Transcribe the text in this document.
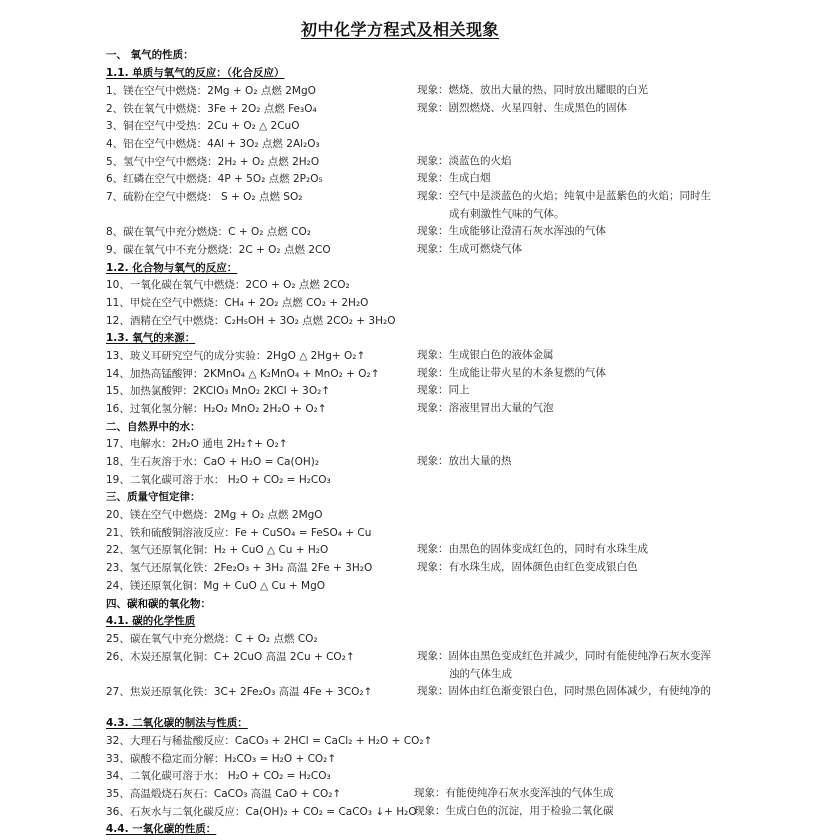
初中化学方程式及相关现象
一、 氧气的性质：
1.1. 单质与氧气的反应：（化合反应）
1、镁在空气中燃烧：2Mg + O₂ 点燃 2MgO	现象：燃烧、放出大量的热、同时放出耀眼的白光
2、铁在氧气中燃烧：3Fe + 2O₂ 点燃 Fe₃O₄	现象：剧烈燃烧、火星四射、生成黑色的固体
3、铜在空气中受热：2Cu + O₂ △ 2CuO
4、铝在空气中燃烧：4Al + 3O₂ 点燃 2Al₂O₃
5、氢气中空气中燃烧：2H₂ + O₂ 点燃 2H₂O	现象：淡蓝色的火焰
6、红磷在空气中燃烧：4P + 5O₂ 点燃 2P₂O₅	现象：生成白烟
7、硫粉在空气中燃烧： S + O₂ 点燃 SO₂	现象：空气中是淡蓝色的火焰；纯氧中是蓝紫色的火焰；同时生
成有刺激性气味的气体。
8、碳在氧气中充分燃烧：C + O₂ 点燃 CO₂	现象：生成能够让澄清石灰水浑浊的气体
9、碳在氧气中不充分燃烧：2C + O₂ 点燃 2CO	现象：生成可燃烧气体
1.2. 化合物与氧气的反应：
10、一氧化碳在氧气中燃烧：2CO + O₂ 点燃 2CO₂
11、甲烷在空气中燃烧：CH₄ + 2O₂ 点燃 CO₂ + 2H₂O
12、酒精在空气中燃烧：C₂H₅OH + 3O₂ 点燃 2CO₂ + 3H₂O
1.3. 氧气的来源：
13、玻义耳研究空气的成分实验：2HgO △ 2Hg+ O₂↑	现象：生成银白色的液体金属
14、加热高锰酸钾：2KMnO₄ △ K₂MnO₄ + MnO₂ + O₂↑	现象：生成能让带火星的木条复燃的气体
15、加热氯酸钾：2KClO₃ MnO₂ 2KCl + 3O₂↑	现象：同上
16、过氧化氢分解：H₂O₂ MnO₂ 2H₂O + O₂↑	现象：溶液里冒出大量的气泡
二、自然界中的水：
17、电解水：2H₂O 通电 2H₂↑+ O₂↑
18、生石灰溶于水：CaO + H₂O = Ca(OH)₂	现象：放出大量的热
19、二氧化碳可溶于水： H₂O + CO₂ = H₂CO₃
三、质量守恒定律：
20、镁在空气中燃烧：2Mg + O₂ 点燃 2MgO
21、铁和硫酸铜溶液反应：Fe + CuSO₄ = FeSO₄ + Cu
22、氢气还原氧化铜：H₂ + CuO △ Cu + H₂O	现象：由黑色的固体变成红色的，同时有水珠生成
23、氢气还原氧化铁：2Fe₂O₃ + 3H₂ 高温 2Fe + 3H₂O	现象：有水珠生成，固体颜色由红色变成银白色
24、镁还原氧化铜：Mg + CuO △ Cu + MgO
四、碳和碳的氧化物：
4.1. 碳的化学性质
25、碳在氧气中充分燃烧：C + O₂ 点燃 CO₂
26、木炭还原氧化铜：C+ 2CuO 高温 2Cu + CO₂↑	现象：固体由黑色变成红色并减少，同时有能使纯净石灰水变浑
浊的气体生成
27、焦炭还原氧化铁：3C+ 2Fe₂O₃ 高温 4Fe + 3CO₂↑	现象：固体由红色渐变银白色，同时黑色固体减少，有使纯净的
4.3. 二氧化碳的制法与性质：
32、大理石与稀盐酸反应：CaCO₃ + 2HCl = CaCl₂ + H₂O + CO₂↑
33、碳酸不稳定而分解：H₂CO₃ = H₂O + CO₂↑
34、二氧化碳可溶于水： H₂O + CO₂ = H₂CO₃
35、高温煅烧石灰石：CaCO₃ 高温 CaO + CO₂↑	现象：有能使纯净石灰水变浑浊的气体生成
36、石灰水与二氧化碳反应：Ca(OH)₂ + CO₂ = CaCO₃ ↓+ H₂O
现象：生成白色的沉淀，用于检验二氧化碳
4.4. 一氧化碳的性质：
